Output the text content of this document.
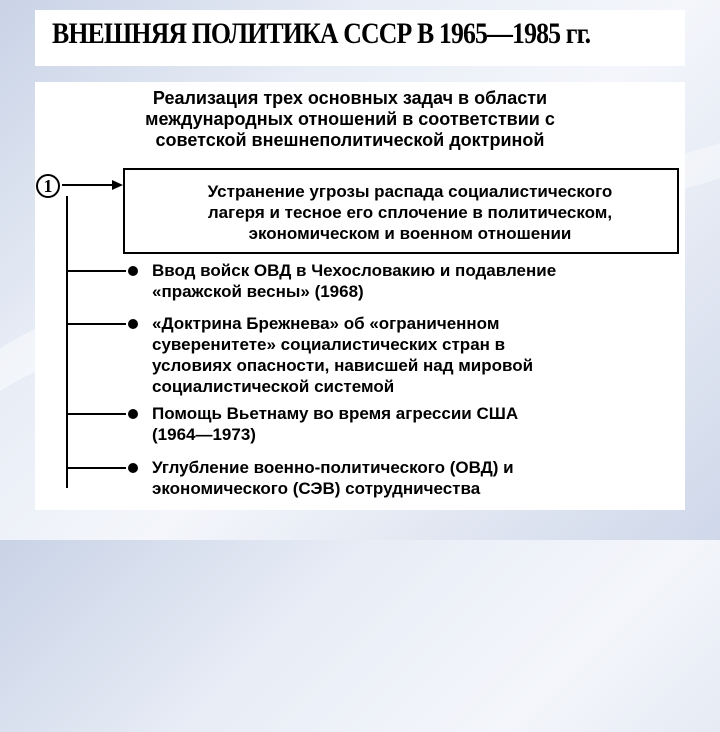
ВНЕШНЯЯ ПОЛИТИКА СССР В 1965—1985 гг.
Реализация трех основных задач в области
международных отношений в соответствии с
советской внешнеполитической доктриной
1	Устранение угрозы распада социалистического
лагеря и тесное его сплочение в политическом,
экономическом и военном отношении
Ввод войск ОВД в Чехословакию и подавление
«пражской весны» (1968)
«Доктрина Брежнева» об «ограниченном
суверенитете» социалистических стран в
условиях опасности, нависшей над мировой
социалистической системой
Помощь Вьетнаму во время агрессии США
(1964—1973)
Углубление военно-политического (ОВД) и
экономического (СЭВ) сотрудничества
